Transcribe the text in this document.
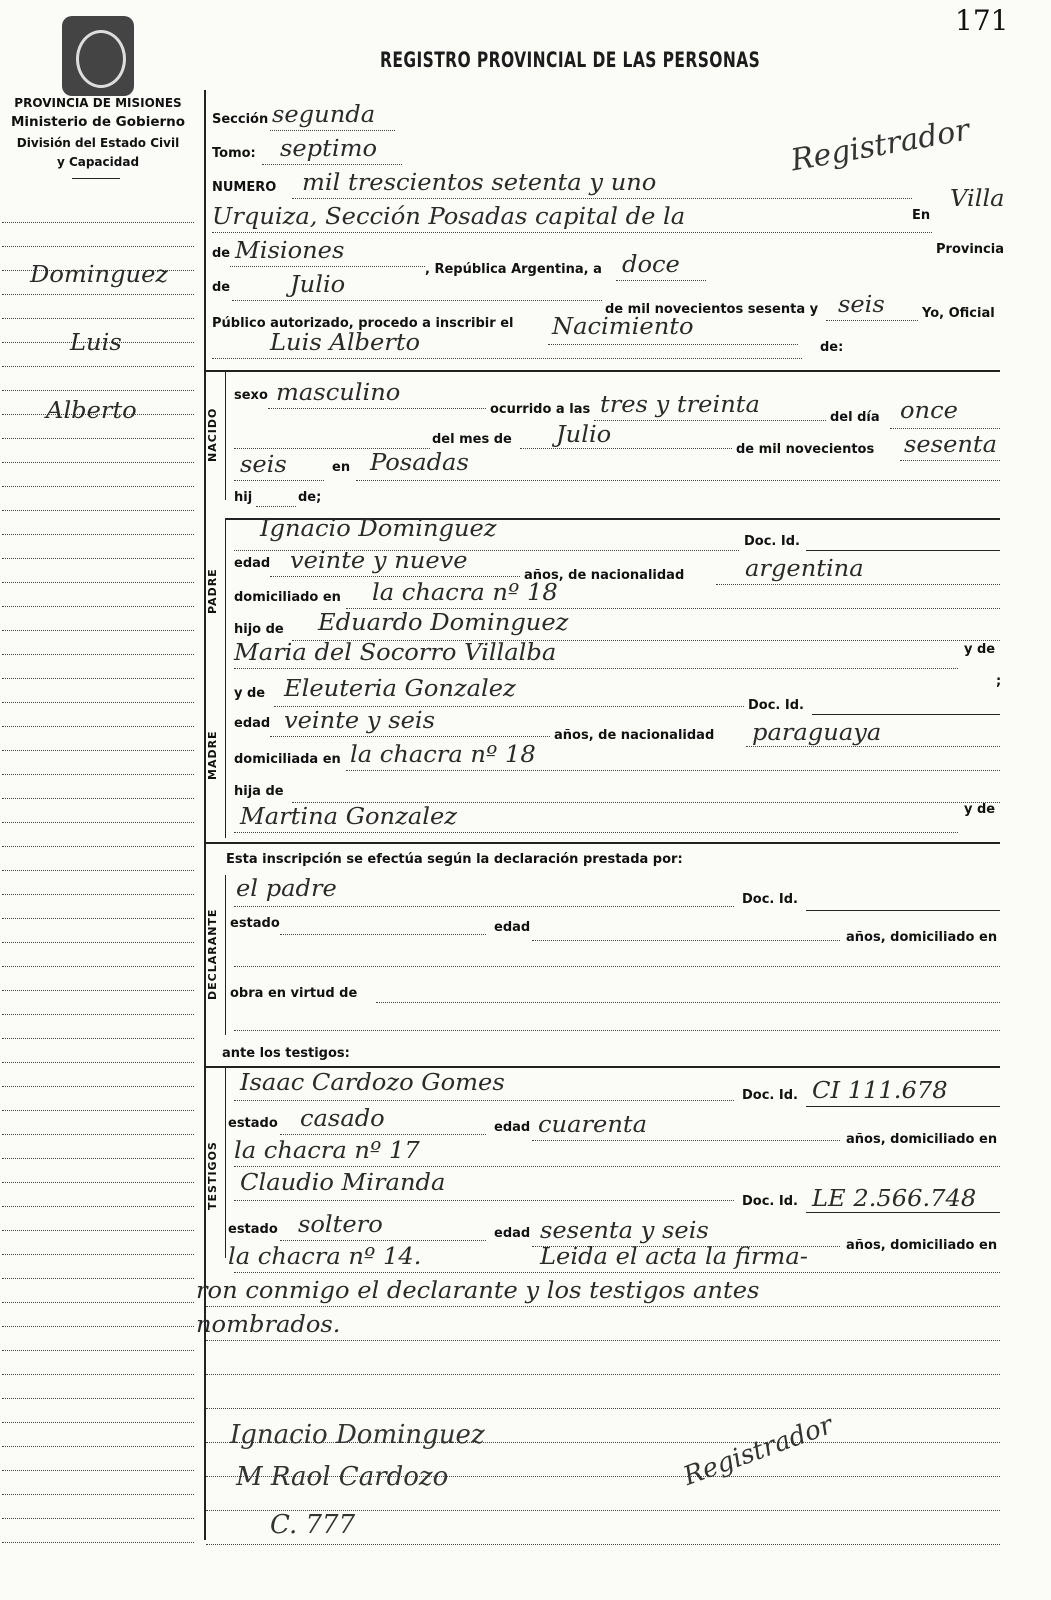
171
PROVINCIA DE MISIONES
Ministerio de Gobierno
División del Estado Civil
y Capacidad
REGISTRO PROVINCIAL DE LAS PERSONAS
Registrador
Dominguez
Luis
Alberto
Sección segunda
Tomo: septimo
NUMERO mil trescientos setenta y uno
En
Villa
Urquiza, Sección Posadas capital de la
Provincia
de Misiones
, República Argentina, a doce
de	Julio
de mil novecientos sesenta y seis	Yo, Oficial
Público autorizado, procedo a inscribir el Nacimiento
Luis Alberto	de:
NACIDO
sexo masculino
ocurrido a las tres y treinta	del día once
del mes de Julio
de mil novecientos sesenta
seis	en Posadas
hij	de;
PADRE
Ignacio Dominguez	Doc. Id.
edad veinte y nueve
años, de nacionalidad	argentina
domiciliado en la chacra nº 18
hijo de Eduardo Dominguez
Maria del Socorro Villalba	y de
;
MADRE
y de Eleuteria Gonzalez
Doc. Id.
edad veinte y seis
años, de nacionalidad paraguaya
domiciliada en la chacra nº 18
hija de
Martina Gonzalez	y de
Esta inscripción se efectúa según la declaración prestada por:
DECLARANTE
el padre	Doc. Id.
estado	edad
años, domiciliado en
obra en virtud de
ante los testigos:
TESTIGOS
Isaac Cardozo Gomes	Doc. Id. CI 111.678
estado casado	edad cuarenta
años, domiciliado en
la chacra nº 17
Claudio Miranda
Doc. Id. LE 2.566.748
estado soltero	edad sesenta y seis
años, domiciliado en
la chacra nº 14.	Leida el acta la firma-
ron conmigo el declarante y los testigos antes
nombrados.
Ignacio Dominguez
M Raol Cardozo
C. 777
Registrador
